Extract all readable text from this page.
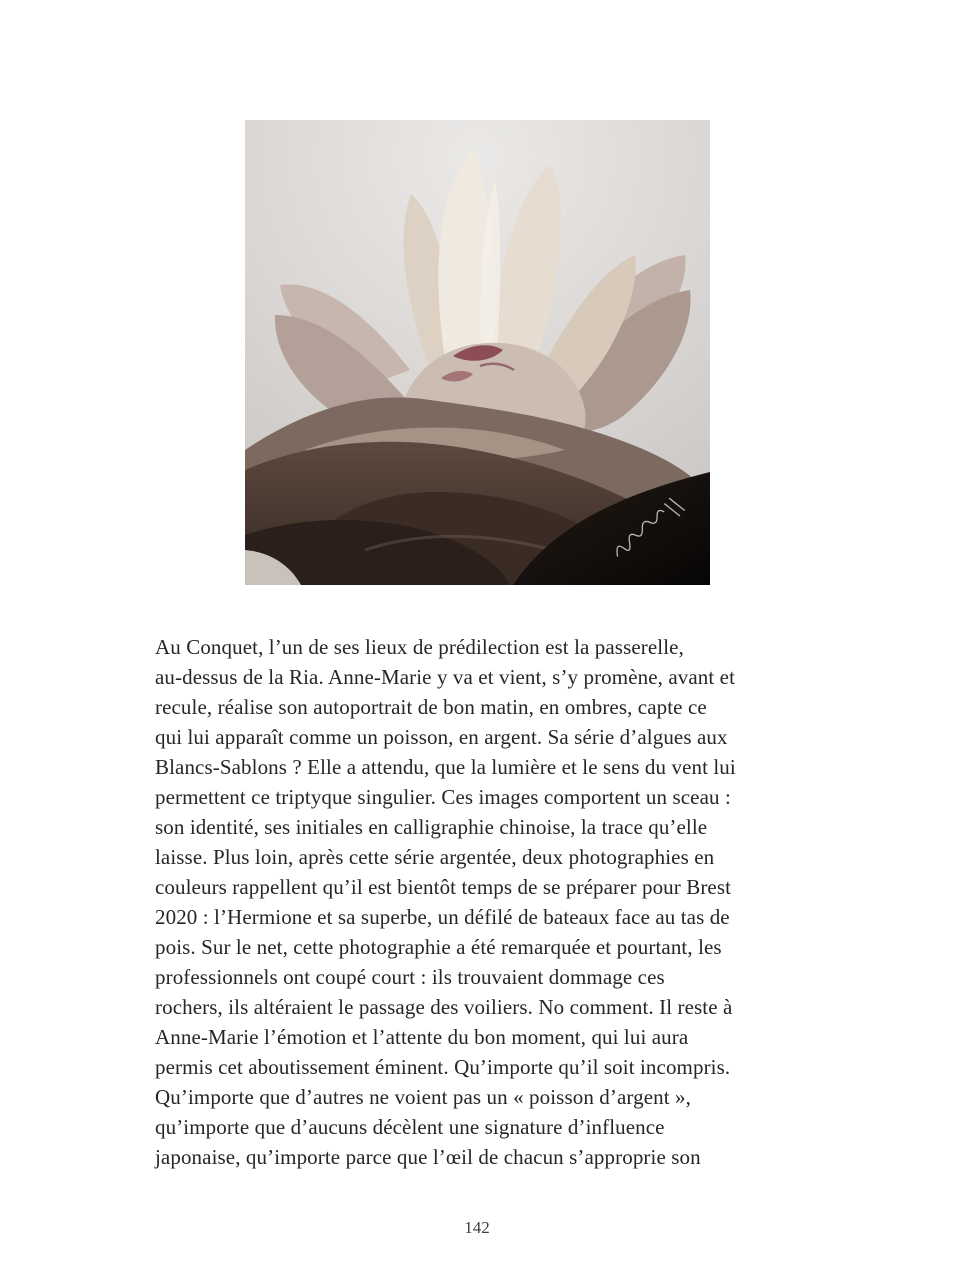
Au Conquet, l’un de ses lieux de prédilection est la passerelle,
au-dessus de la Ria. Anne-Marie y va et vient, s’y promène, avant et
recule, réalise son autoportrait de bon matin, en ombres, capte ce
qui lui apparaît comme un poisson, en argent. Sa série d’algues aux
Blancs-Sablons ? Elle a attendu, que la lumière et le sens du vent lui
permettent ce triptyque singulier. Ces images comportent un sceau :
son identité, ses initiales en calligraphie chinoise, la trace qu’elle
laisse. Plus loin, après cette série argentée, deux photographies en
couleurs rappellent qu’il est bientôt temps de se préparer pour Brest
2020 : l’Hermione et sa superbe, un défilé de bateaux face au tas de
pois. Sur le net, cette photographie a été remarquée et pourtant, les
professionnels ont coupé court : ils trouvaient dommage ces
rochers, ils altéraient le passage des voiliers. No comment. Il reste à
Anne-Marie l’émotion et l’attente du bon moment, qui lui aura
permis cet aboutissement éminent. Qu’importe qu’il soit incompris.
Qu’importe que d’autres ne voient pas un « poisson d’argent »,
qu’importe que d’aucuns décèlent une signature d’influence
japonaise, qu’importe parce que l’œil de chacun s’approprie son
142
